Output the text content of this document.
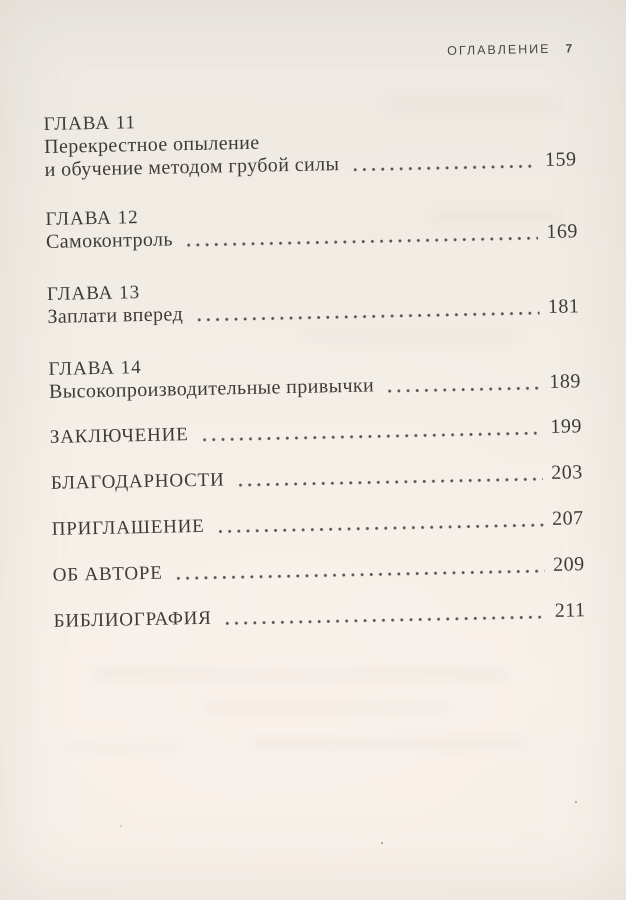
ОГЛАВЛЕНИЕ 7
ГЛАВА 11
Перекрестное опыление
и обучение методом грубой силы	159
ГЛАВА 12
Самоконтроль	169
ГЛАВА 13
Заплати вперед	181
ГЛАВА 14
Высокопроизводительные привычки	189
ЗАКЛЮЧЕНИЕ	199
БЛАГОДАРНОСТИ	203
ПРИГЛАШЕНИЕ	207
ОБ АВТОРЕ	209
БИБЛИОГРАФИЯ	211
